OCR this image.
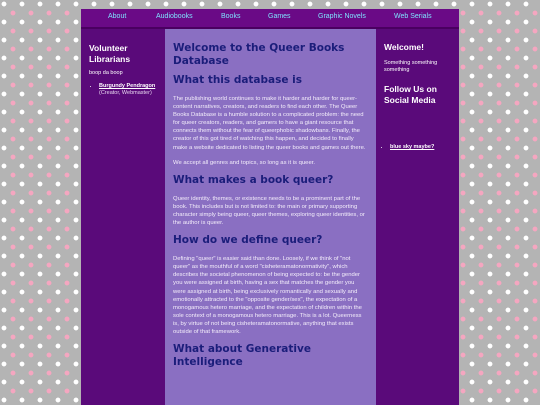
About	Audiobooks	Books	Games	Graphic Novels	Web Serials
Volunteer Librarians
boop da boop
• Burgundy Pendragon
(Creator, Webmaster)
Welcome to the Queer Books Database
What this database is

The publishing world continues to make it harder and harder for queer-content narratives, creators, and readers to find each other. The Queer Books Database is a humble solution to a complicated problem: the need for queer creators, readers, and gamers to have a giant resource that connects them without the fear of queerphobic shadowbans. Finally, the creator of this got tired of watching this happen, and decided to finally make a website dedicated to listing the queer books and games out there.

We accept all genres and topics, so long as it is queer.

What makes a book queer?

Queer identity, themes, or existence needs to be a prominent part of the book. This includes but is not limited to: the main or primary supporting character simply being queer, queer themes, exploring queer identities, or the author is queer.

How do we define queer?

Defining "queer" is easier said than done. Loosely, if we think of "not queer" as the mouthful of a word "cisheteramatonormativity", which describes the societal phenomenon of being expected to: be the gender you were assigned at birth, having a sex that matches the gender you were assigned at birth, being exclusively romantically and sexually and emotionally attracted to the "opposite gender/sex", the expectation of a monogamous hetero marriage, and the expectation of children within the sole context of a monogamous hetero marriage. This is a lot. Queerness is, by virtue of not being cisheteramatonormative, anything that exists outside of that framework.

What about Generative Intelligence
Welcome!
Something something something
Follow Us on Social Media
• blue sky maybe?
